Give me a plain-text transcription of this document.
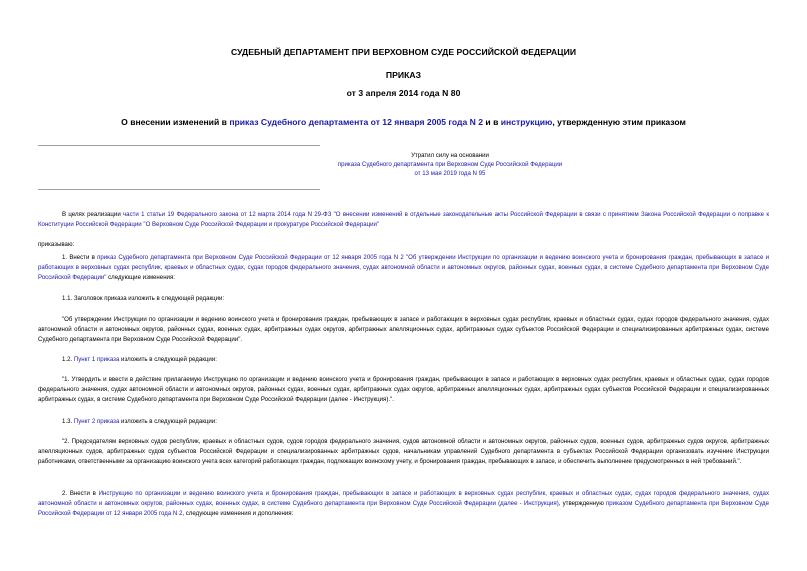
СУДЕБНЫЙ ДЕПАРТАМЕНТ ПРИ ВЕРХОВНОМ СУДЕ РОССИЙСКОЙ ФЕДЕРАЦИИ
ПРИКАЗ
от 3 апреля 2014 года N 80
О внесении изменений в приказ Судебного департамента от 12 января 2005 года N 2 и в инструкцию, утвержденную этим приказом
Утратил силу на основании
приказа Судебного департамента при Верховном Суде Российской Федерации
от 13 мая 2019 года N 95
В целях реализации части 1 статьи 19 Федерального закона от 12 марта 2014 года N 29-ФЗ "О внесении изменений в отдельные законодательные акты Российской Федерации в связи с принятием Закона Российской Федерации о поправке к Конституции Российской Федерации "О Верховном Суде Российской Федерации и прокуратуре Российской Федерации"
приказываю:
1. Внести в приказ Судебного департамента при Верховном Суде Российской Федерации от 12 января 2005 года N 2 "Об утверждении Инструкции по организации и ведению воинского учета и бронирования граждан, пребывающих в запасе и работающих в верховных судах республик, краевых и областных судах, судах городов федерального значения, судах автономной области и автономных округов, районных судах, военных судах, в системе Судебного департамента при Верховном Суде Российской Федерации" следующие изменения:
1.1. Заголовок приказа изложить в следующей редакции:
"Об утверждении Инструкции по организации и ведению воинского учета и бронирования граждан, пребывающих в запасе и работающих в верховных судах республик, краевых и областных судах, судах городов федерального значения, судах автономной области и автономных округов, районных судах, военных судах, арбитражных судах округов, арбитражных апелляционных судах, арбитражных судах субъектов Российской Федерации и специализированных арбитражных судах, системе Судебного департамента при Верховном Суде Российской Федерации".
1.2. Пункт 1 приказа изложить в следующей редакции:
"1. Утвердить и ввести в действие прилагаемую Инструкцию по организации и ведению воинского учета и бронирования граждан, пребывающих в запасе и работающих в верховных судах республик, краевых и областных судах, судах городов федерального значения, судах автономной области и автономных округов, районных судах, военных судах, арбитражных судах округов, арбитражных апелляционных судах, арбитражных судах субъектов Российской Федерации и специализированных арбитражных судах, в системе Судебного департамента при Верховном Суде Российской Федерации (далее - Инструкция).".
1.3. Пункт 2 приказа изложить в следующей редакции:
"2. Председателям верховных судов республик, краевых и областных судов, судов городов федерального значения, судов автономной области и автономных округов, районных судов, военных судов, арбитражных судов округов, арбитражных апелляционных судов, арбитражных судов субъектов Российской Федерации и специализированных арбитражных судов, начальникам управлений Судебного департамента в субъектах Российской Федерации организовать изучение Инструкции работниками, ответственными за организацию воинского учета всех категорий работающих граждан, подлежащих воинскому учету, и бронирования граждан, пребывающих в запасе, и обеспечить выполнение предусмотренных в ней требований.".
2. Внести в Инструкцию по организации и ведению воинского учета и бронирования граждан, пребывающих в запасе и работающих в верховных судах республик, краевых и областных судах, судах городов федерального значения, судах автономной области и автономных округов, районных судах, военных судах, в системе Судебного департамента при Верховном Суде Российской Федерации (далее - Инструкция), утвержденную приказом Судебного департамента при Верховном Суде Российской Федерации от 12 января 2005 года N 2, следующие изменения и дополнения:
